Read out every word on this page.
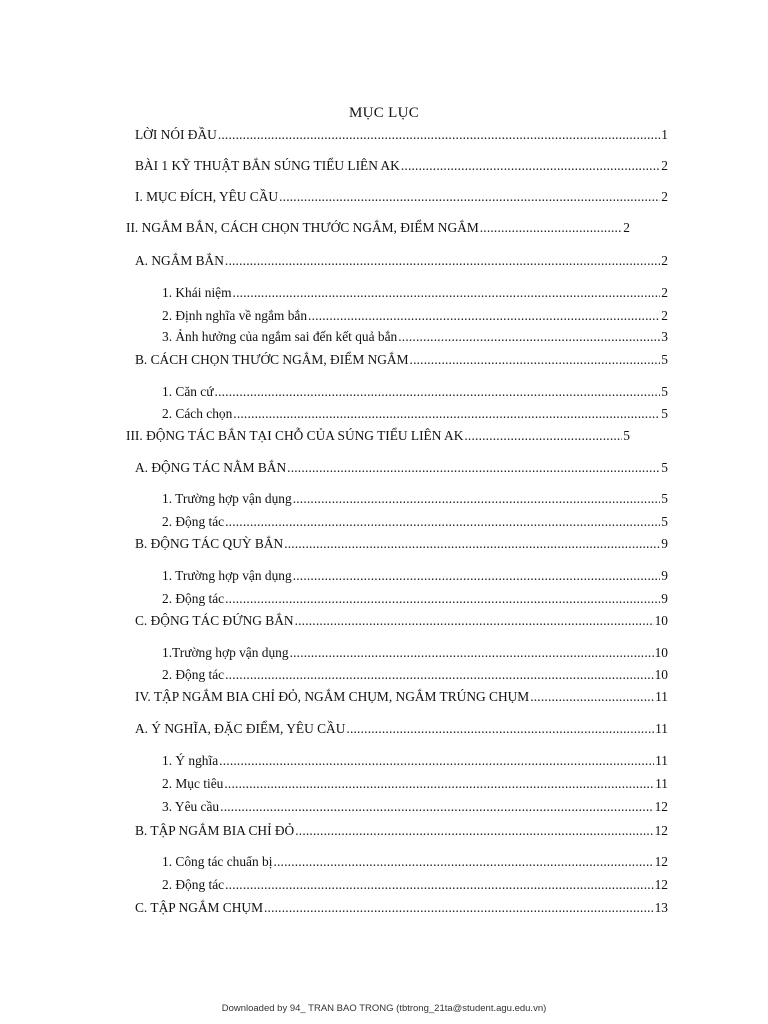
MỤC LỤC
LỜI NÓI ĐẦU .....	1
BÀI 1 KỸ THUẬT BẮN SÚNG TIỂU LIÊN AK .....	2
I. MỤC ĐÍCH, YÊU CẦU .....	2
II. NGẮM BẮN, CÁCH CHỌN THƯỚC NGẮM, ĐIỂM NGẮM .....	2
A. NGẮM BẮN .....	2
1. Khái niệm .....	2
2. Định nghĩa về ngắm bắn .....	2
3. Ảnh hưởng của ngắm sai đến kết quả bắn .....	3
B. CÁCH CHỌN THƯỚC NGẮM, ĐIỂM NGẮM .....	5
1. Căn cứ .....	5
2. Cách chọn .....	5
III. ĐỘNG TÁC BẮN TẠI CHỖ CỦA SÚNG TIỂU LIÊN AK .....	5
A. ĐỘNG TÁC NẰM BẮN .....	5
1. Trường hợp vận dụng .....	5
2. Động tác .....	5
B. ĐỘNG TÁC QUỲ BẮN .....	9
1. Trường hợp vận dụng .....	9
2. Động tác .....	9
C. ĐỘNG TÁC ĐỨNG BẮN .....	10
1.Trường hợp vận dụng .....	10
2. Động tác .....	10
IV. TẬP NGẮM BIA CHỈ ĐỎ, NGẮM CHỤM, NGẮM TRÚNG CHỤM .....	11
A. Ý NGHĨA, ĐẶC ĐIỂM, YÊU CẦU .....	11
1. Ý nghĩa .....	11
2. Mục tiêu .....	11
3. Yêu cầu .....	12
B. TẬP NGẮM BIA CHỈ ĐỎ .....	12
1. Công tác chuẩn bị .....	12
2. Động tác .....	12
C. TẬP NGẮM CHỤM .....	13
Downloaded by 94_ TRAN BAO TRONG (tbtrong_21ta@student.agu.edu.vn)
